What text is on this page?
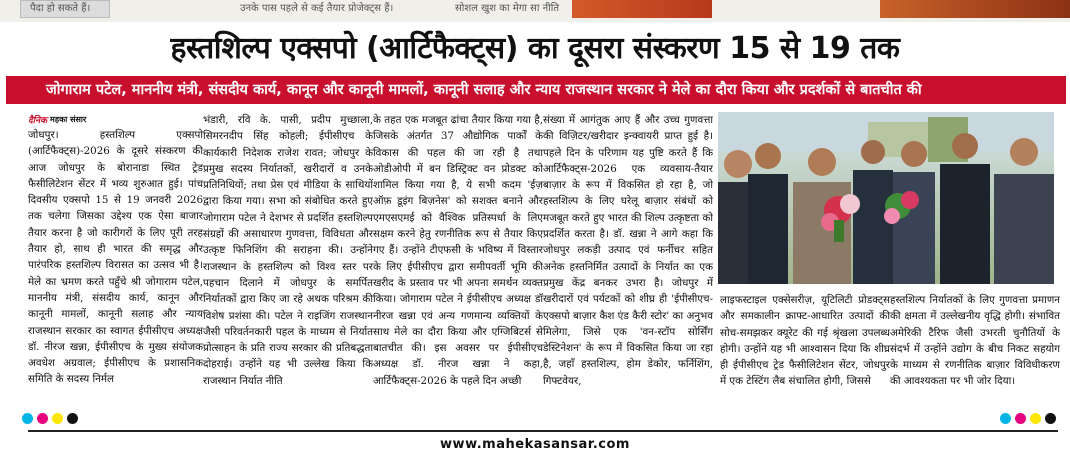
पैदा हो सकते हैं।	उनके पास पहले से कई तैयार प्रोजेक्ट्स हैं।	सोशल खुश का मेगा सा नीति
हस्तशिल्प एक्सपो (आर्टिफैक्ट्स) का दूसरा संस्करण 15 से 19 तक
जोगाराम पटेल, माननीय मंत्री, संसदीय कार्य, कानून और कानूनी मामलों, कानूनी सलाह और न्याय राजस्थान सरकार ने मेले का दौरा किया और प्रदर्शकों से बातचीत की
दैनिक महका संसार

जोधपुर। हस्तशिल्प एक्सपो (आर्टिफैक्ट्स)-2026 के दूसरे संस्करण की आज जोधपुर के बोरानाडा स्थित ट्रेड फैसीलिटेशन सेंटर में भव्य शुरुआत हुई। पांच दिवसीय एक्सपो 15 से 19 जनवरी 2026 तक चलेगा जिसका उद्देश्य एक ऐसा बाजार तैयार करना है जो कारीगरों के लिए पूरी तरह तैयार हो, साथ ही भारत की समृद्ध और पारंपरिक हस्तशिल्प विरासत का उत्सव भी है। मेले का भ्रमण करते पहुँचे श्री जोगाराम पटेल, माननीय मंत्री, संसदीय कार्य, कानून और कानूनी मामलों, कानूनी सलाह और न्याय राजस्थान सरकार का स्वागत ईपीसीएच अध्यक्ष डॉ. नीरज खन्ना, ईपीसीएच के मुख्य संयोजक अवधेश अग्रवाल; ईपीसीएच के प्रशासनिक समिति के सदस्य निर्मल

भंडारी, रवि के. पासी, प्रदीप मुच्छाला, सिमरनदीप सिंह कोहली; ईपीसीएच के कार्यकारी निदेशक राजेश रावत; जोधपुर के प्रमुख सदस्य निर्यातकों, खरीदारों व उनके प्रतिनिधियों; तथा प्रेस एवं मीडिया के साथियों द्वारा किया गया। सभा को संबोधित करते हुए जोगाराम पटेल ने देशभर से प्रदर्शित हस्तशिल्प संग्रहों की असाधारण गुणवत्ता, विविधता और उत्कृष्ट फिनिशिंग की सराहना की। उन्होंने राजस्थान के हस्तशिल्प को विश्व स्तर पर पहचान दिलाने में जोधपुर के समर्पित निर्यातकों द्वारा किए जा रहे अथक परिश्रम की विशेष प्रशंसा की। पटेल ने राइजिंग राजस्थान जैसी परिवर्तनकारी पहल के माध्यम से निर्यात प्रोत्साहन के प्रति राज्य सरकार की प्रतिबद्धता दोहराई। उन्होंने यह भी उल्लेख किया कि राजस्थान निर्यात नीति

के तहत एक मजबूत ढांचा तैयार किया गया है, जिसके अंतर्गत 37 औद्योगिक पार्कों के विकास की पहल की जा रही है तथा ओडीओपी में बन डिस्ट्रिक्ट वन प्रोडक्ट को शामिल किया गया है, ये सभी कदम 'ईज़ ऑफ़ डूइंग बिज़नेस' को सशक्त बनाने और एमएसएमई को वैश्विक प्रतिस्पर्धा के लिए सक्षम करने हेतु रणनीतिक रूप से तैयार किए गए हैं। उन्होंने टीएफसी के भविष्य में विस्तार के लिए ईपीसीएच द्वारा समीपवर्ती भूमि की खरीद के प्रस्ताव पर भी अपना समर्थन व्यक्त किया। जोगाराम पटेल ने ईपीसीएच अध्यक्ष डॉ नीरज खन्ना एवं अन्य गणमान्य व्यक्तियों के साथ मेले का दौरा किया और एग्जिबिटर्स से बातचीत की। इस अवसर पर ईपीसीएच अध्यक्ष डॉ. नीरज खन्ना ने कहा, आर्टिफैक्ट्स-2026 के पहले दिन अच्छी

संख्या में आगंतुक आए हैं और उच्च गुणवत्ता की विज़िटर/खरीदार इन्क्वायरी प्राप्त हुई है। पहले दिन के परिणाम यह पुष्टि करते हैं कि आर्टिफैक्ट्स-2026 एक व्यवसाय-तैयार बाज़ार के रूप में विकसित हो रहा है, जो हस्तशिल्प के लिए घरेलू बाज़ार संबंधों को मजबूत करते हुए भारत की शिल्प उत्कृष्टता को प्रदर्शित करता है। डॉ. खन्ना ने आगे कहा कि जोधपुर लकड़ी उत्पाद एवं फर्नीचर सहित अनेक हस्तनिर्मित उत्पादों के निर्यात का एक प्रमुख केंद्र बनकर उभरा है। जोधपुर में खरीदारों एवं पर्यटकों को शीघ्र ही 'ईपीसीएच-एक्सपो बाज़ार कैश एंड कैरी स्टोर' का अनुभव मिलेगा, जिसे एक 'वन-स्टॉप सोर्सिंग डेस्टिनेशन' के रूप में विकसित किया जा रहा है, जहाँ हस्तशिल्प, होम डेकोर, फर्निशिंग, गिफ्टवेयर,

लाइफस्टाइल एक्सेसरीज़, यूटिलिटी प्रोडक्ट्स और समकालीन क्राफ्ट-आधारित उत्पादों की सोच-समझकर क्यूरेट की गई श्रृंखला उपलब्ध होगी। उन्होंने यह भी आश्वासन दिया कि शीघ्र ही ईपीसीएच ट्रेड फैसीलिटेशन सेंटर, जोधपुर में एक टेस्टिंग लैब संचालित होगी, जिससे

हस्तशिल्प निर्यातकों के लिए गुणवत्ता प्रमाणन की क्षमता में उल्लेखनीय वृद्धि होगी। संभावित अमेरिकी टैरिफ जैसी उभरती चुनौतियों के संदर्भ में उन्होंने उद्योग के बीच निकट सहयोग के माध्यम से रणनीतिक बाज़ार विविधीकरण की आवश्यकता पर भी जोर दिया।

www.mahekasansar.com
